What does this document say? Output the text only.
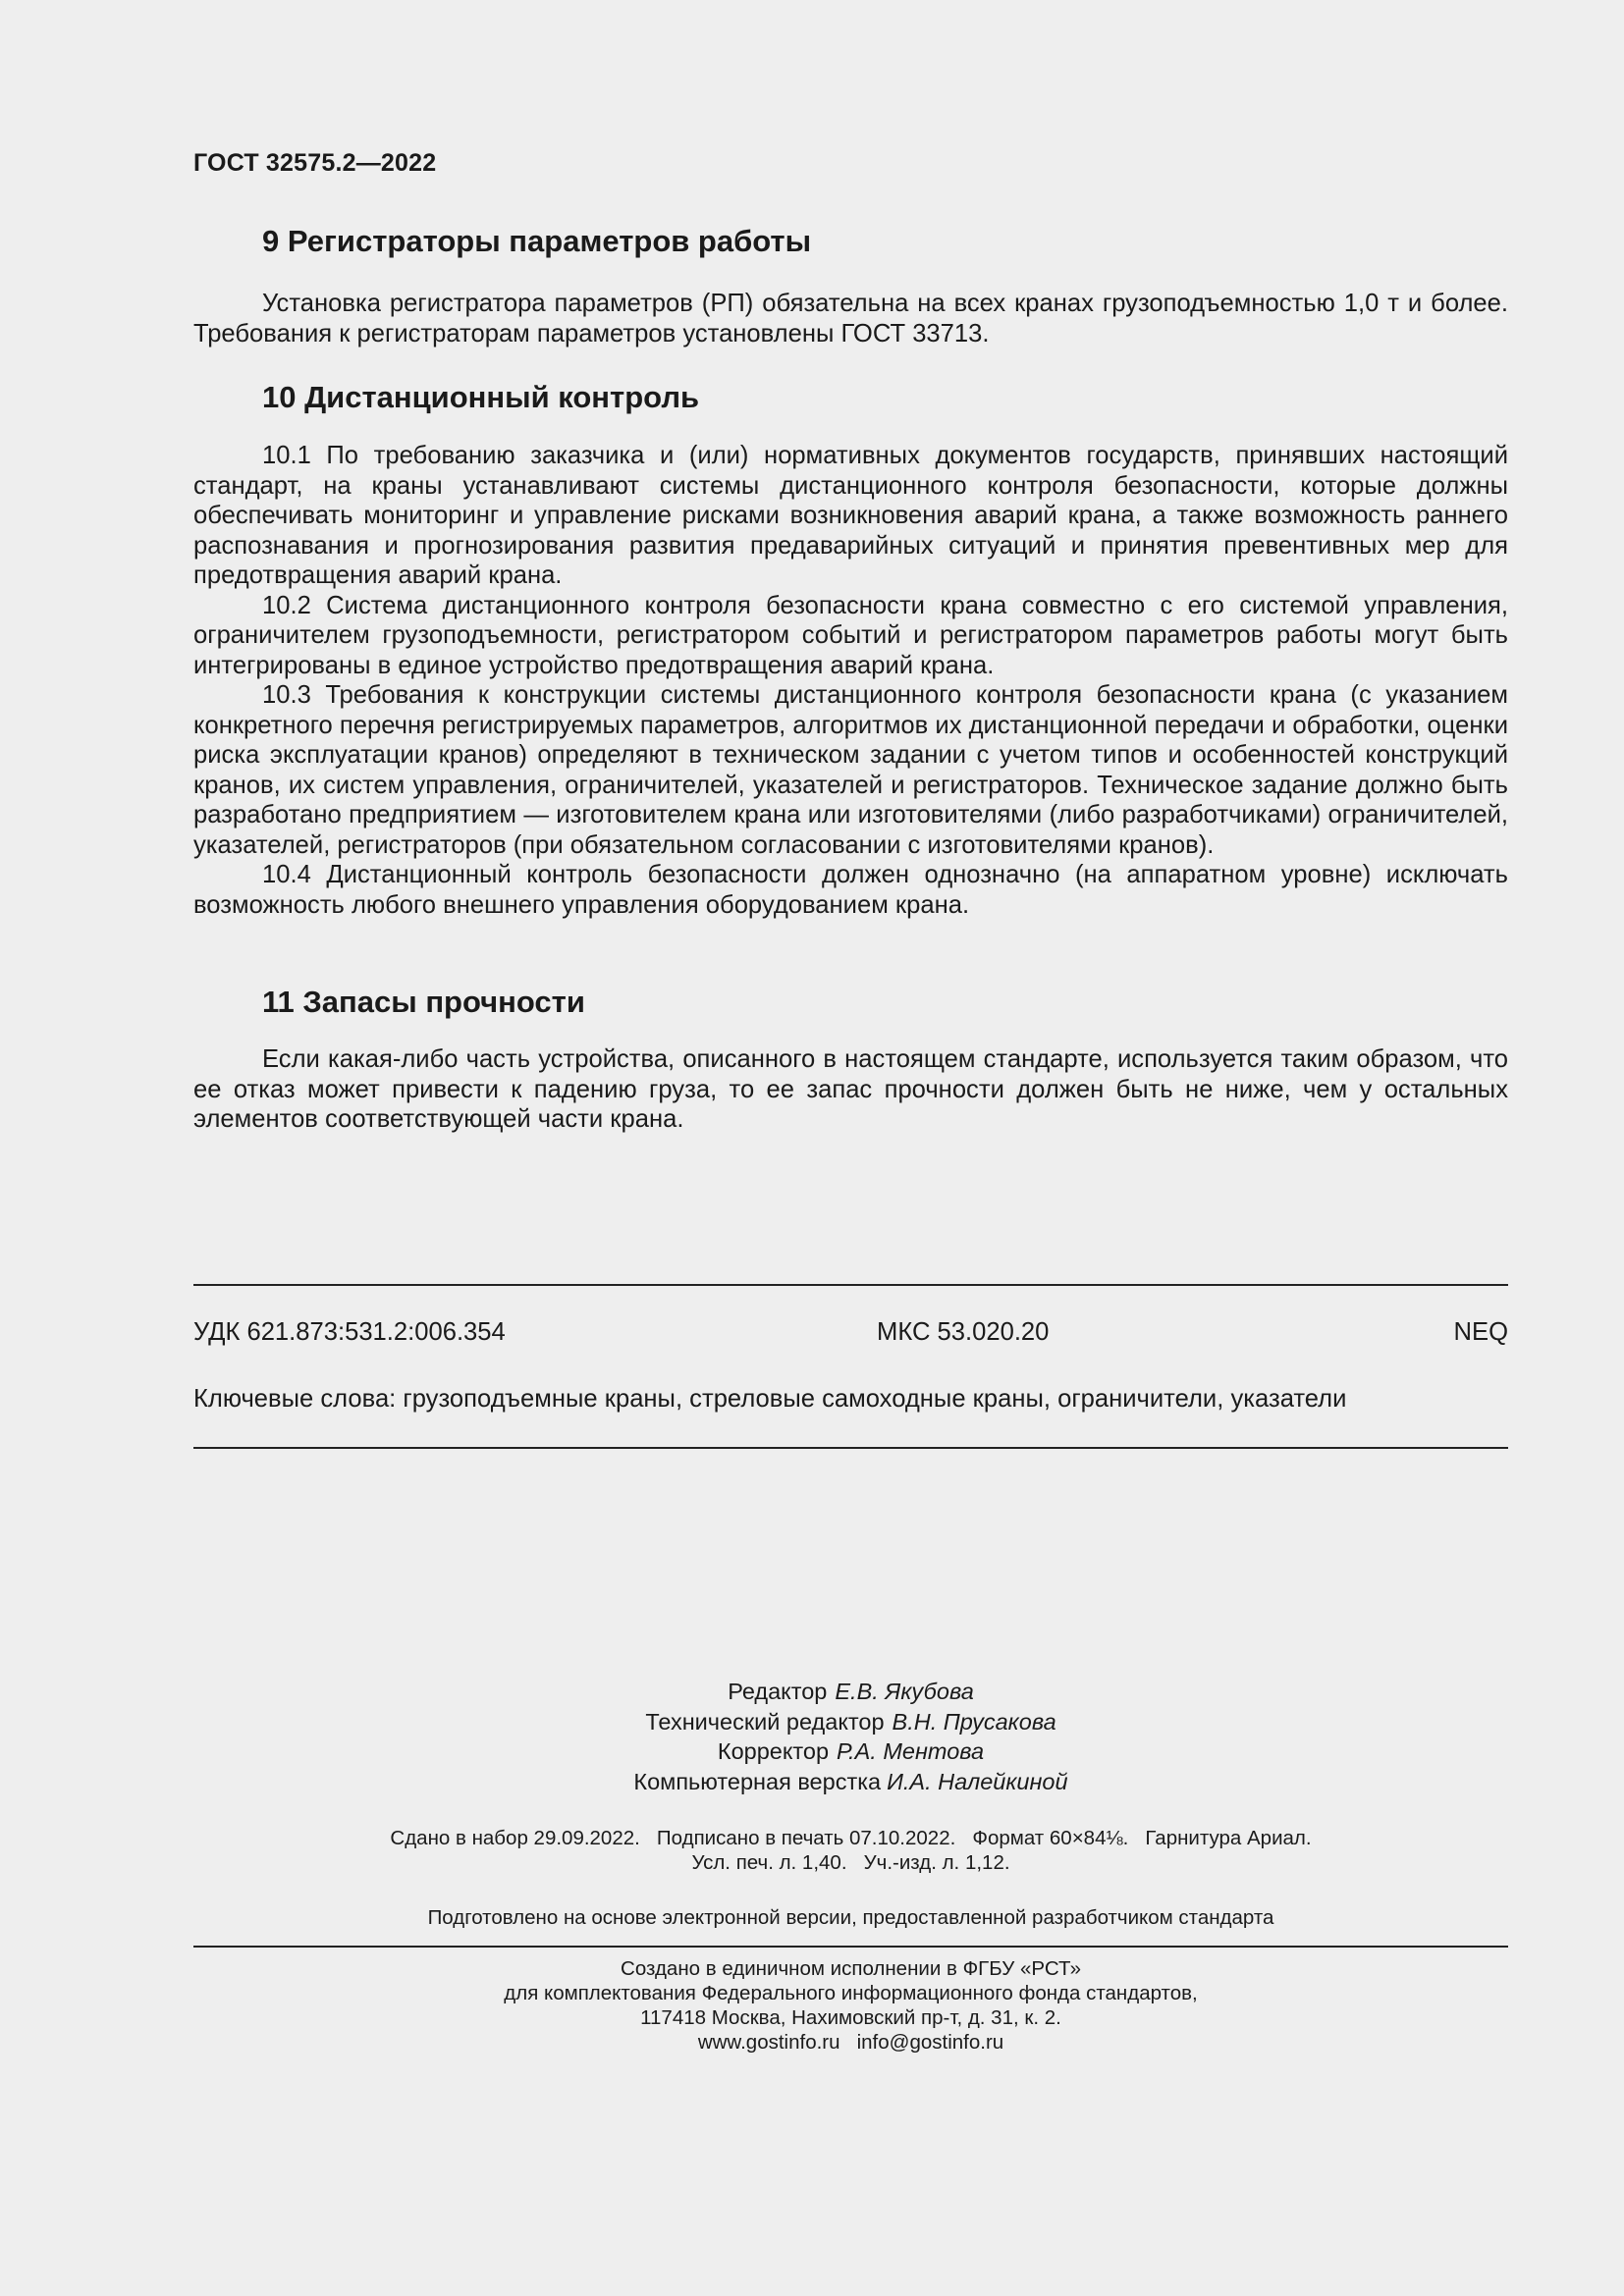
ГОСТ 32575.2—2022
9 Регистраторы параметров работы

Установка регистратора параметров (РП) обязательна на всех кранах грузоподъемностью 1,0 т и более. Требования к регистраторам параметров установлены ГОСТ 33713.

10 Дистанционный контроль

10.1 По требованию заказчика и (или) нормативных документов государств, принявших настоящий стандарт, на краны устанавливают системы дистанционного контроля безопасности, которые должны обеспечивать мониторинг и управление рисками возникновения аварий крана, а также возможность раннего распознавания и прогнозирования развития предаварийных ситуаций и принятия превентивных мер для предотвращения аварий крана.

10.2 Система дистанционного контроля безопасности крана совместно с его системой управления, ограничителем грузоподъемности, регистратором событий и регистратором параметров работы могут быть интегрированы в единое устройство предотвращения аварий крана.

10.3 Требования к конструкции системы дистанционного контроля безопасности крана (с указанием конкретного перечня регистрируемых параметров, алгоритмов их дистанционной передачи и обработки, оценки риска эксплуатации кранов) определяют в техническом задании с учетом типов и особенностей конструкций кранов, их систем управления, ограничителей, указателей и регистраторов. Техническое задание должно быть разработано предприятием — изготовителем крана или изготовителями (либо разработчиками) ограничителей, указателей, регистраторов (при обязательном согласовании с изготовителями кранов).

10.4 Дистанционный контроль безопасности должен однозначно (на аппаратном уровне) исключать возможность любого внешнего управления оборудованием крана.

11 Запасы прочности

Если какая-либо часть устройства, описанного в настоящем стандарте, используется таким образом, что ее отказ может привести к падению груза, то ее запас прочности должен быть не ниже, чем у остальных элементов соответствующей части крана.

УДК 621.873:531.2:006.354	МКС 53.020.20	NEQ
Ключевые слова: грузоподъемные краны, стреловые самоходные краны, ограничители, указатели
Редактор Е.В. Якубова
Технический редактор В.Н. Прусакова
Корректор Р.А. Ментова
Компьютерная верстка И.А. Налейкиной
Сдано в набор 29.09.2022.   Подписано в печать 07.10.2022.   Формат 60×84⅛.   Гарнитура Ариал.
Усл. печ. л. 1,40.   Уч.-изд. л. 1,12.
Подготовлено на основе электронной версии, предоставленной разработчиком стандарта
Создано в единичном исполнении в ФГБУ «РСТ»
для комплектования Федерального информационного фонда стандартов,
117418 Москва, Нахимовский пр-т, д. 31, к. 2.
www.gostinfo.ru   info@gostinfo.ru
